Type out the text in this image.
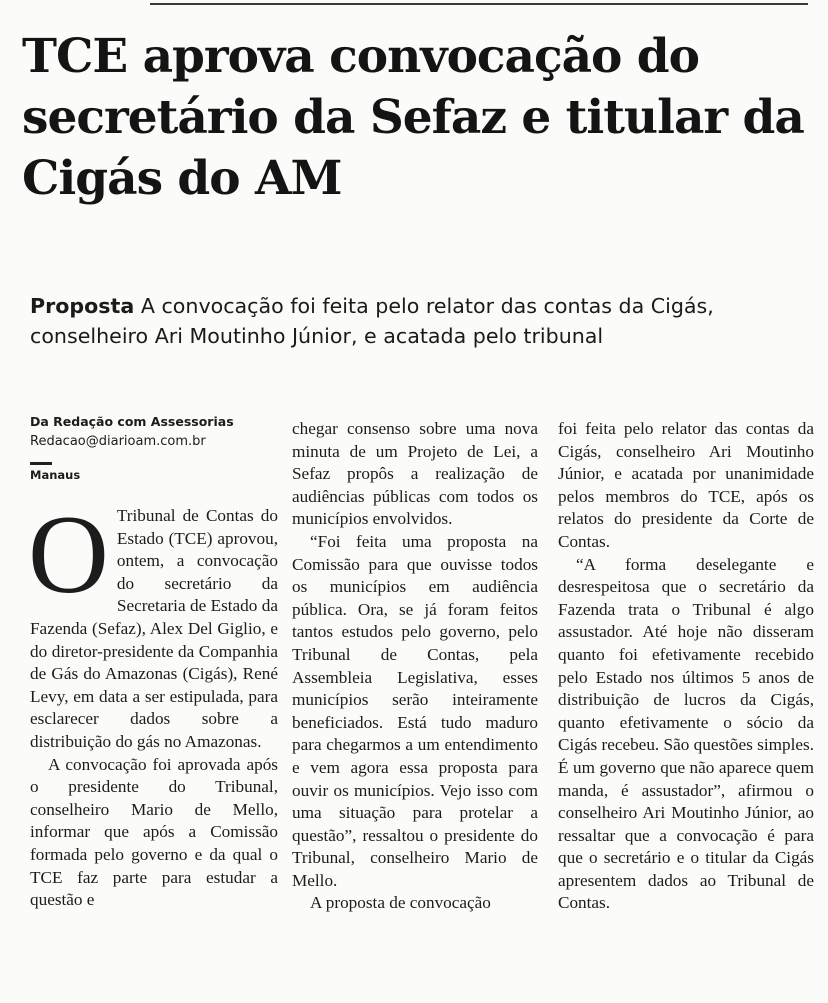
TCE aprova convocação do secretário da Sefaz e titular da Cigás do AM

Proposta A convocação foi feita pelo relator das contas da Cigás, conselheiro Ari Moutinho Júnior, e acatada pelo tribunal

Da Redação com Assessorias
Redacao@diarioam.com.br
Manaus

O Tribunal de Contas do Estado (TCE) aprovou, ontem, a convocação do secretário da Secretaria de Estado da Fazenda (Sefaz), Alex Del Giglio, e do diretor-presidente da Companhia de Gás do Amazonas (Cigás), René Levy, em data a ser estipulada, para esclarecer dados sobre a distribuição do gás no Amazonas.

A convocação foi aprovada após o presidente do Tribunal, conselheiro Mario de Mello, informar que após a Comissão formada pelo governo e da qual o TCE faz parte para estudar a questão e

chegar consenso sobre uma nova minuta de um Projeto de Lei, a Sefaz propôs a realização de audiências públicas com todos os municípios envolvidos.

“Foi feita uma proposta na Comissão para que ouvisse todos os municípios em audiência pública. Ora, se já foram feitos tantos estudos pelo governo, pelo Tribunal de Contas, pela Assembleia Legislativa, esses municípios serão inteiramente beneficiados. Está tudo maduro para chegarmos a um entendimento e vem agora essa proposta para ouvir os municípios. Vejo isso com uma situação para protelar a questão”, ressaltou o presidente do Tribunal, conselheiro Mario de Mello.

A proposta de convocação

foi feita pelo relator das contas da Cigás, conselheiro Ari Moutinho Júnior, e acatada por unanimidade pelos membros do TCE, após os relatos do presidente da Corte de Contas.

“A forma deselegante e desrespeitosa que o secretário da Fazenda trata o Tribunal é algo assustador. Até hoje não disseram quanto foi efetivamente recebido pelo Estado nos últimos 5 anos de distribuição de lucros da Cigás, quanto efetivamente o sócio da Cigás recebeu. São questões simples. É um governo que não aparece quem manda, é assustador”, afirmou o conselheiro Ari Moutinho Júnior, ao ressaltar que a convocação é para que o secretário e o titular da Cigás apresentem dados ao Tribunal de Contas.
